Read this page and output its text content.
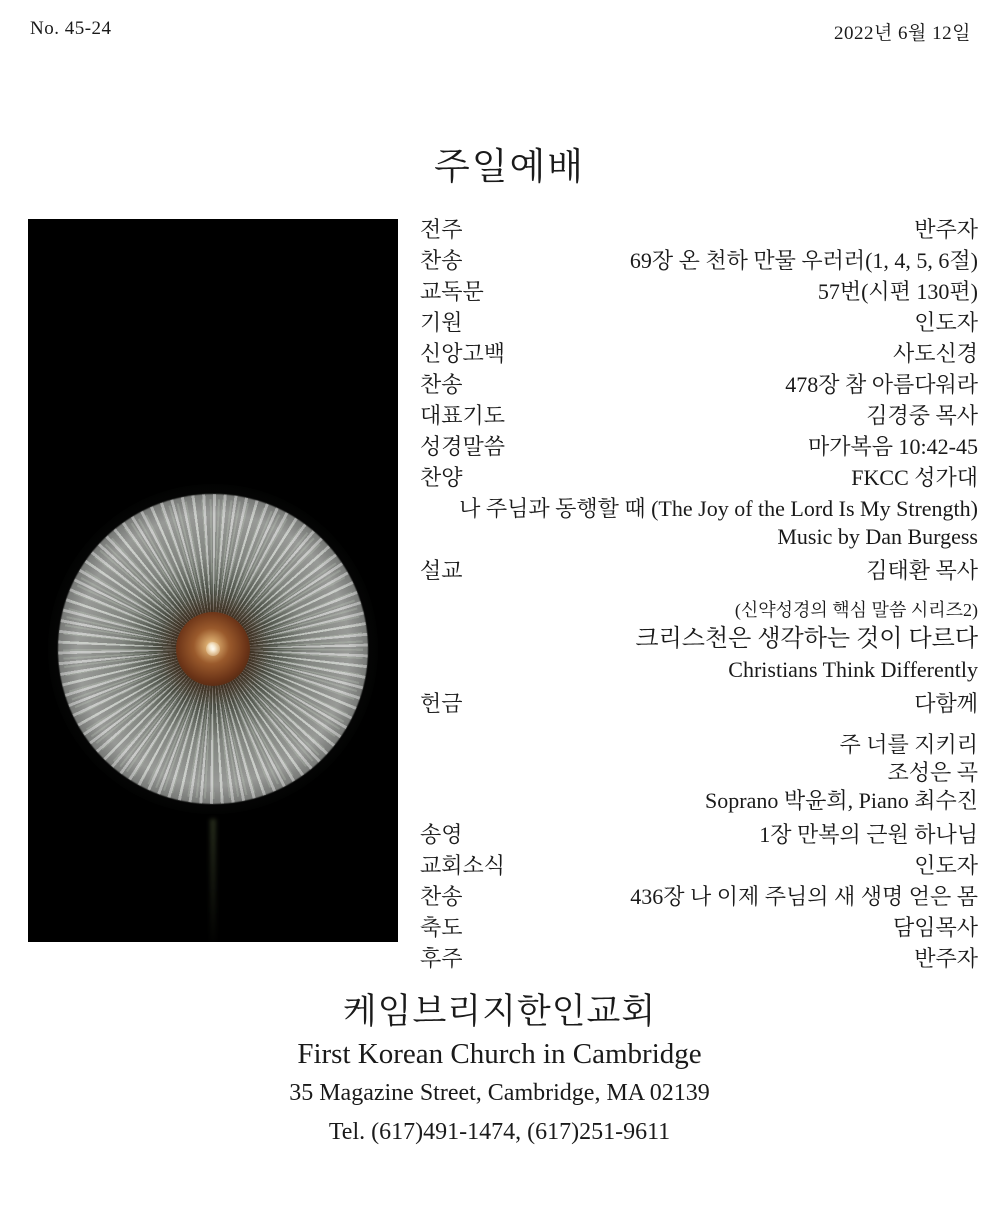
No. 45-24	2022년 6월 12일
주일예배
전주	반주자
찬송	69장 온 천하 만물 우러러(1, 4, 5, 6절)
교독문	57번(시편 130편)
기원	인도자
신앙고백	사도신경
찬송	478장 참 아름다워라
대표기도	김경중 목사
성경말씀	마가복음 10:42-45
찬양	FKCC 성가대
나 주님과 동행할 때 (The Joy of the Lord Is My Strength)
Music by Dan Burgess
설교	김태환 목사
(신약성경의 핵심 말씀 시리즈2)
크리스천은 생각하는 것이 다르다
Christians Think Differently
헌금	다함께
주 너를 지키리
조성은 곡
Soprano 박윤희, Piano 최수진
송영	1장 만복의 근원 하나님
교회소식	인도자
찬송	436장 나 이제 주님의 새 생명 얻은 몸
축도	담임목사
후주	반주자
케임브리지한인교회
First Korean Church in Cambridge
35 Magazine Street, Cambridge, MA 02139
Tel. (617)491-1474, (617)251-9611
